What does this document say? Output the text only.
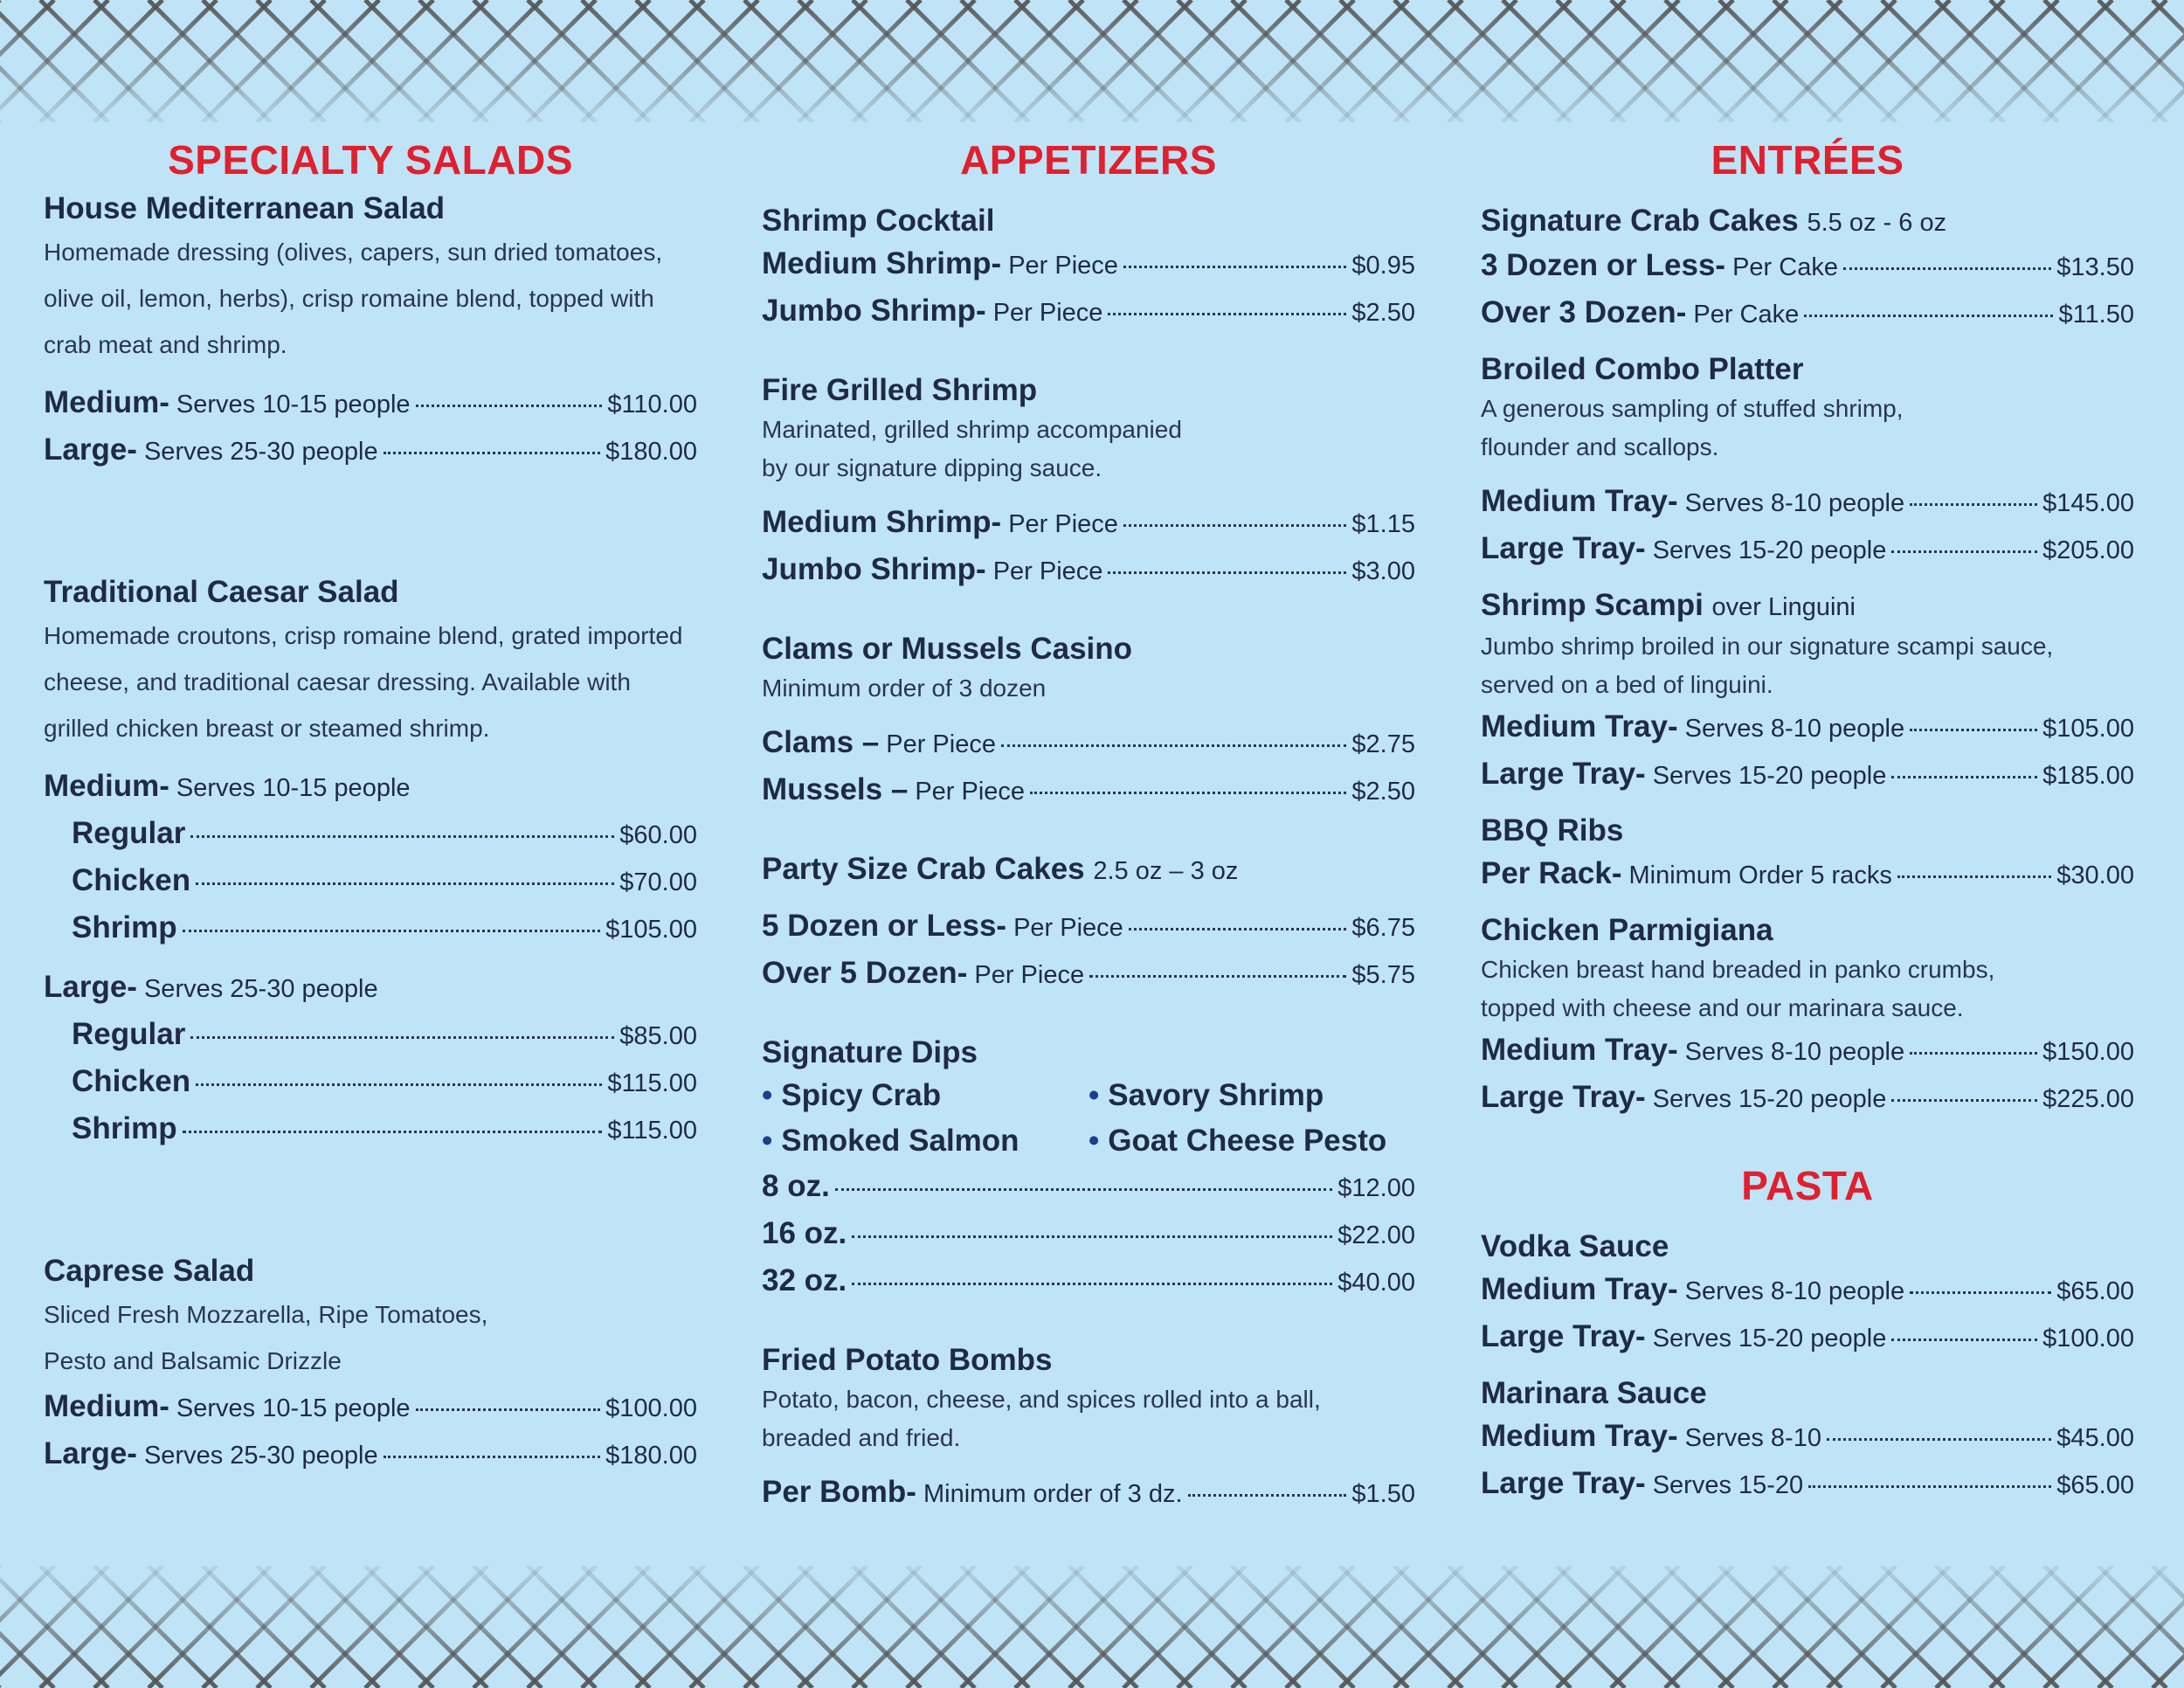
SPECIALTY SALADS
House Mediterranean Salad
Homemade dressing (olives, capers, sun dried tomatoes, olive oil, lemon, herbs), crisp romaine blend, topped with crab meat and shrimp.
Medium- Serves 10-15 people	$110.00
Large- Serves 25-30 people	$180.00
Traditional Caesar Salad
Homemade croutons, crisp romaine blend, grated imported cheese, and traditional caesar dressing. Available with grilled chicken breast or steamed shrimp.
Medium- Serves 10-15 people
Regular	$60.00
Chicken	$70.00
Shrimp	$105.00
Large- Serves 25-30 people
Regular	$85.00
Chicken	$115.00
Shrimp	$115.00
Caprese Salad
Sliced Fresh Mozzarella, Ripe Tomatoes,
Pesto and Balsamic Drizzle
Medium- Serves 10-15 people	$100.00
Large- Serves 25-30 people	$180.00
APPETIZERS
Shrimp Cocktail
Medium Shrimp- Per Piece	$0.95
Jumbo Shrimp- Per Piece	$2.50
Fire Grilled Shrimp
Marinated, grilled shrimp accompanied
by our signature dipping sauce.
Medium Shrimp- Per Piece	$1.15
Jumbo Shrimp- Per Piece	$3.00
Clams or Mussels Casino
Minimum order of 3 dozen
Clams – Per Piece	$2.75
Mussels – Per Piece	$2.50
Party Size Crab Cakes 2.5 oz – 3 oz
5 Dozen or Less- Per Piece	$6.75
Over 5 Dozen- Per Piece	$5.75
Signature Dips
• Spicy Crab	• Savory Shrimp
• Smoked Salmon	• Goat Cheese Pesto
8 oz.	$12.00
16 oz.	$22.00
32 oz.	$40.00
Fried Potato Bombs
Potato, bacon, cheese, and spices rolled into a ball,
breaded and fried.
Per Bomb- Minimum order of 3 dz.	$1.50
ENTRÉES
Signature Crab Cakes 5.5 oz - 6 oz
3 Dozen or Less- Per Cake	$13.50
Over 3 Dozen- Per Cake	$11.50
Broiled Combo Platter
A generous sampling of stuffed shrimp,
flounder and scallops.
Medium Tray- Serves 8-10 people	$145.00
Large Tray- Serves 15-20 people	$205.00
Shrimp Scampi over Linguini
Jumbo shrimp broiled in our signature scampi sauce,
served on a bed of linguini.
Medium Tray- Serves 8-10 people	$105.00
Large Tray- Serves 15-20 people	$185.00
BBQ Ribs
Per Rack- Minimum Order 5 racks	$30.00
Chicken Parmigiana
Chicken breast hand breaded in panko crumbs,
topped with cheese and our marinara sauce.
Medium Tray- Serves 8-10 people	$150.00
Large Tray- Serves 15-20 people	$225.00
PASTA
Vodka Sauce
Medium Tray- Serves 8-10 people	$65.00
Large Tray- Serves 15-20 people	$100.00
Marinara Sauce
Medium Tray- Serves 8-10	$45.00
Large Tray- Serves 15-20	$65.00
